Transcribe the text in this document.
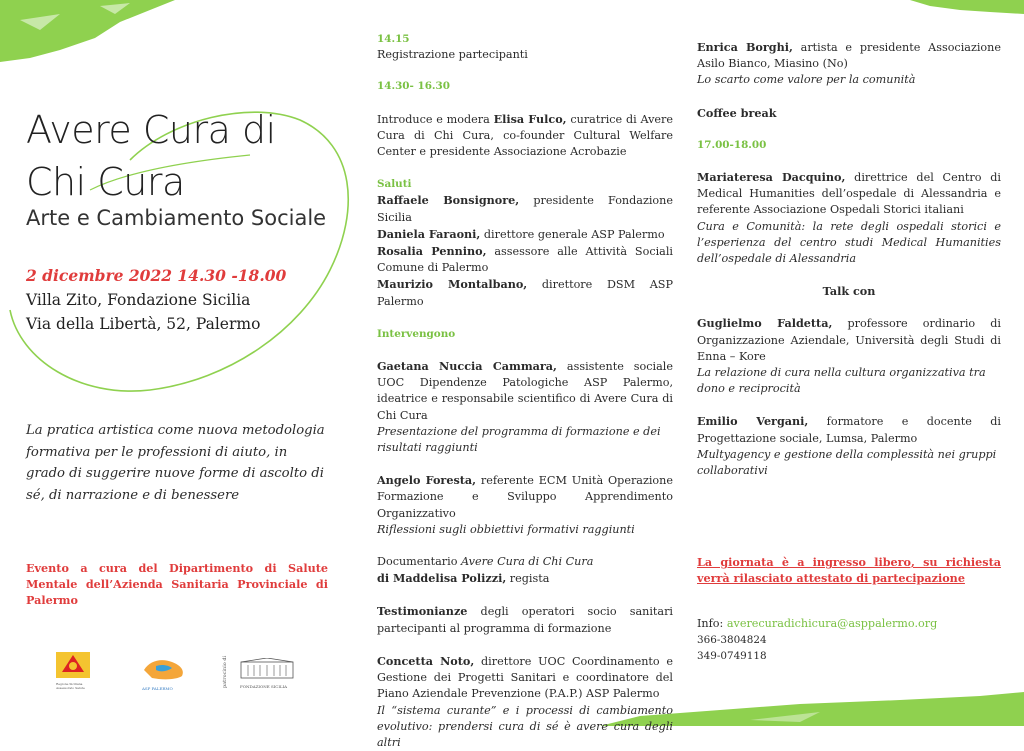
Avere Cura di Chi Cura
Arte e Cambiamento Sociale
2 dicembre 2022 14.30 -18.00
Villa Zito, Fondazione Sicilia
Via della Libertà, 52, Palermo
La pratica artistica come nuova metodologia formativa per le professioni di aiuto, in grado di suggerire nuove forme di ascolto di sé, di narrazione e di benessere
Evento a cura del Dipartimento di Salute Mentale dell’Azienda Sanitaria Provinciale di Palermo
Regione Siciliana Assessorato Salute	ASP PALERMO
patrocinio di	FONDAZIONE SICILIA

14.15

Registrazione partecipanti

14.30- 16.30

Introduce e modera Elisa Fulco, curatrice di Avere Cura di Chi Cura, co-founder Cultural Welfare Center e presidente Associazione Acrobazie

Saluti

Raffaele Bonsignore, presidente Fondazione Sicilia

Daniela Faraoni, direttore generale ASP Palermo

Rosalia Pennino, assessore alle Attività Sociali Comune di Palermo

Maurizio Montalbano, direttore DSM ASP Palermo

Intervengono

Gaetana Nuccia Cammara, assistente sociale UOC Dipendenze Patologiche ASP Palermo, ideatrice e responsabile scientifico di Avere Cura di Chi Cura

Presentazione del programma di formazione e dei risultati raggiunti

Angelo Foresta, referente ECM Unità Operazione Formazione e Sviluppo Apprendimento Organizzativo

Riflessioni sugli obbiettivi formativi raggiunti

Documentario Avere Cura di Chi Cura

di Maddelisa Polizzi, regista

Testimonianze degli operatori socio sanitari partecipanti al programma di formazione

Concetta Noto, direttore UOC Coordinamento e Gestione dei Progetti Sanitari e coordinatore del Piano Aziendale Prevenzione (P.A.P.) ASP Palermo

Il “sistema curante” e i processi di cambiamento evolutivo: prendersi cura di sé è avere cura degli altri

Enrica Borghi, artista e presidente Associazione Asilo Bianco, Miasino (No)

Lo scarto come valore per la comunità

Coffee break

17.00-18.00

Mariateresa Dacquino, direttrice del Centro di Medical Humanities dell’ospedale di Alessandria e referente Associazione Ospedali Storici italiani

Cura e Comunità: la rete degli ospedali storici e l’esperienza del centro studi Medical Humanities dell’ospedale di Alessandria

Talk con

Guglielmo Faldetta, professore ordinario di Organizzazione Aziendale, Università degli Studi di Enna – Kore

La relazione di cura nella cultura organizzativa tra dono e reciprocità

Emilio Vergani, formatore e docente di Progettazione sociale, Lumsa, Palermo

Multyagency e gestione della complessità nei gruppi collaborativi

La giornata è a ingresso libero, su richiesta verrà rilasciato attestato di partecipazione

Info: averecuradichicura@asppalermo.org

366-3804824

349-0749118
